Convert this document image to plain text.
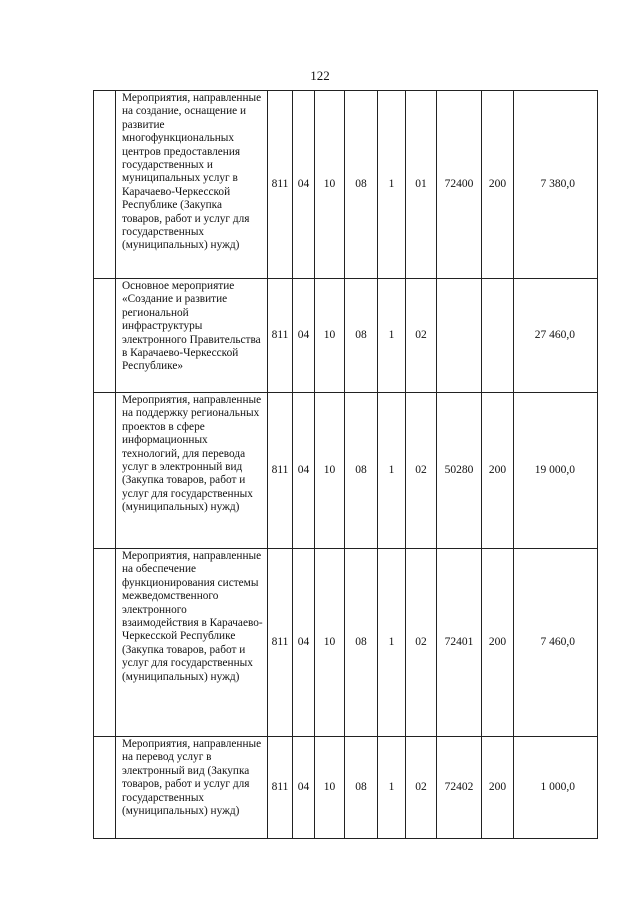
122
	Мероприятия, направленные на создание, оснащение и развитие многофункциональных центров предоставления государственных и муниципальных услуг в Карачаево-Черкесской Республике (Закупка товаров, работ и услуг для государственных (муниципальных) нужд)	811	04	10	08	1	01	72400	200	7 380,0
	Основное мероприятие «Создание и развитие региональной инфраструктуры электронного Правительства в Карачаево-Черкесской Республике»	811	04	10	08	1	02			27 460,0
	Мероприятия, направленные на поддержку региональных проектов в сфере информационных технологий, для перевода услуг в электронный вид (Закупка товаров, работ и услуг для государственных (муниципальных) нужд)	811	04	10	08	1	02	50280	200	19 000,0
	Мероприятия, направленные на обеспечение функционирования системы межведомственного электронного взаимодействия в Карачаево-Черкесской Республике (Закупка товаров, работ и услуг для государственных (муниципальных) нужд)	811	04	10	08	1	02	72401	200	7 460,0
	Мероприятия, направленные на перевод услуг в электронный вид (Закупка товаров, работ и услуг для государственных (муниципальных) нужд)	811	04	10	08	1	02	72402	200	1 000,0
